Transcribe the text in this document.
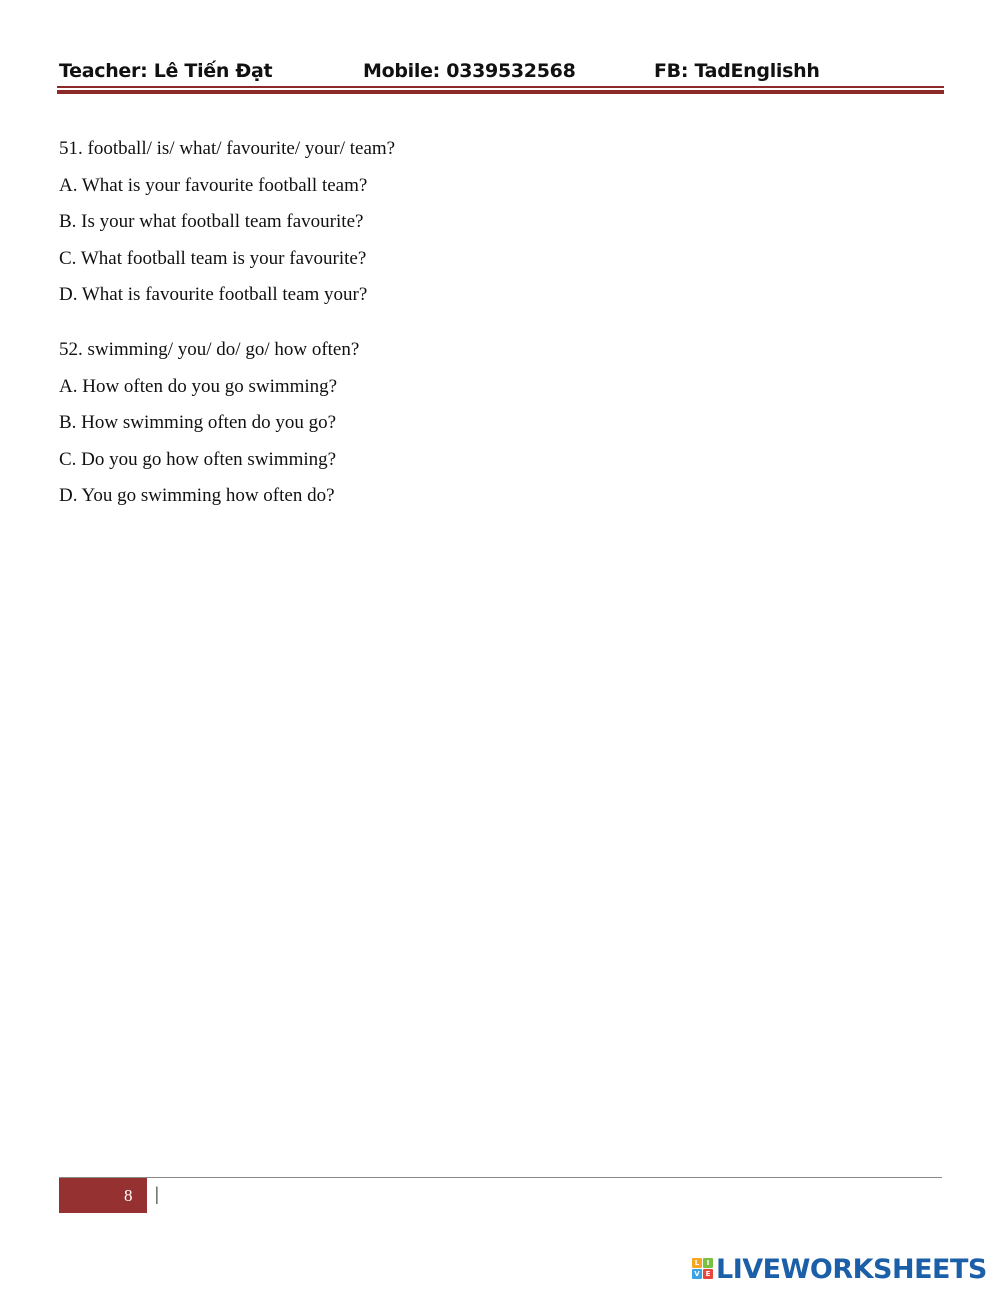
Teacher: Lê Tiến Đạt	Mobile: 0339532568	FB: TadEnglishh
51. football/ is/ what/ favourite/ your/ team?
A. What is your favourite football team?
B. Is your what football team favourite?
C. What football team is your favourite?
D. What is favourite football team your?
52. swimming/ you/ do/ go/ how often?
A. How often do you go swimming?
B. How swimming often do you go?
C. Do you go how often swimming?
D. You go swimming how often do?
8 |
L	I
V E LIVEWORKSHEETS
